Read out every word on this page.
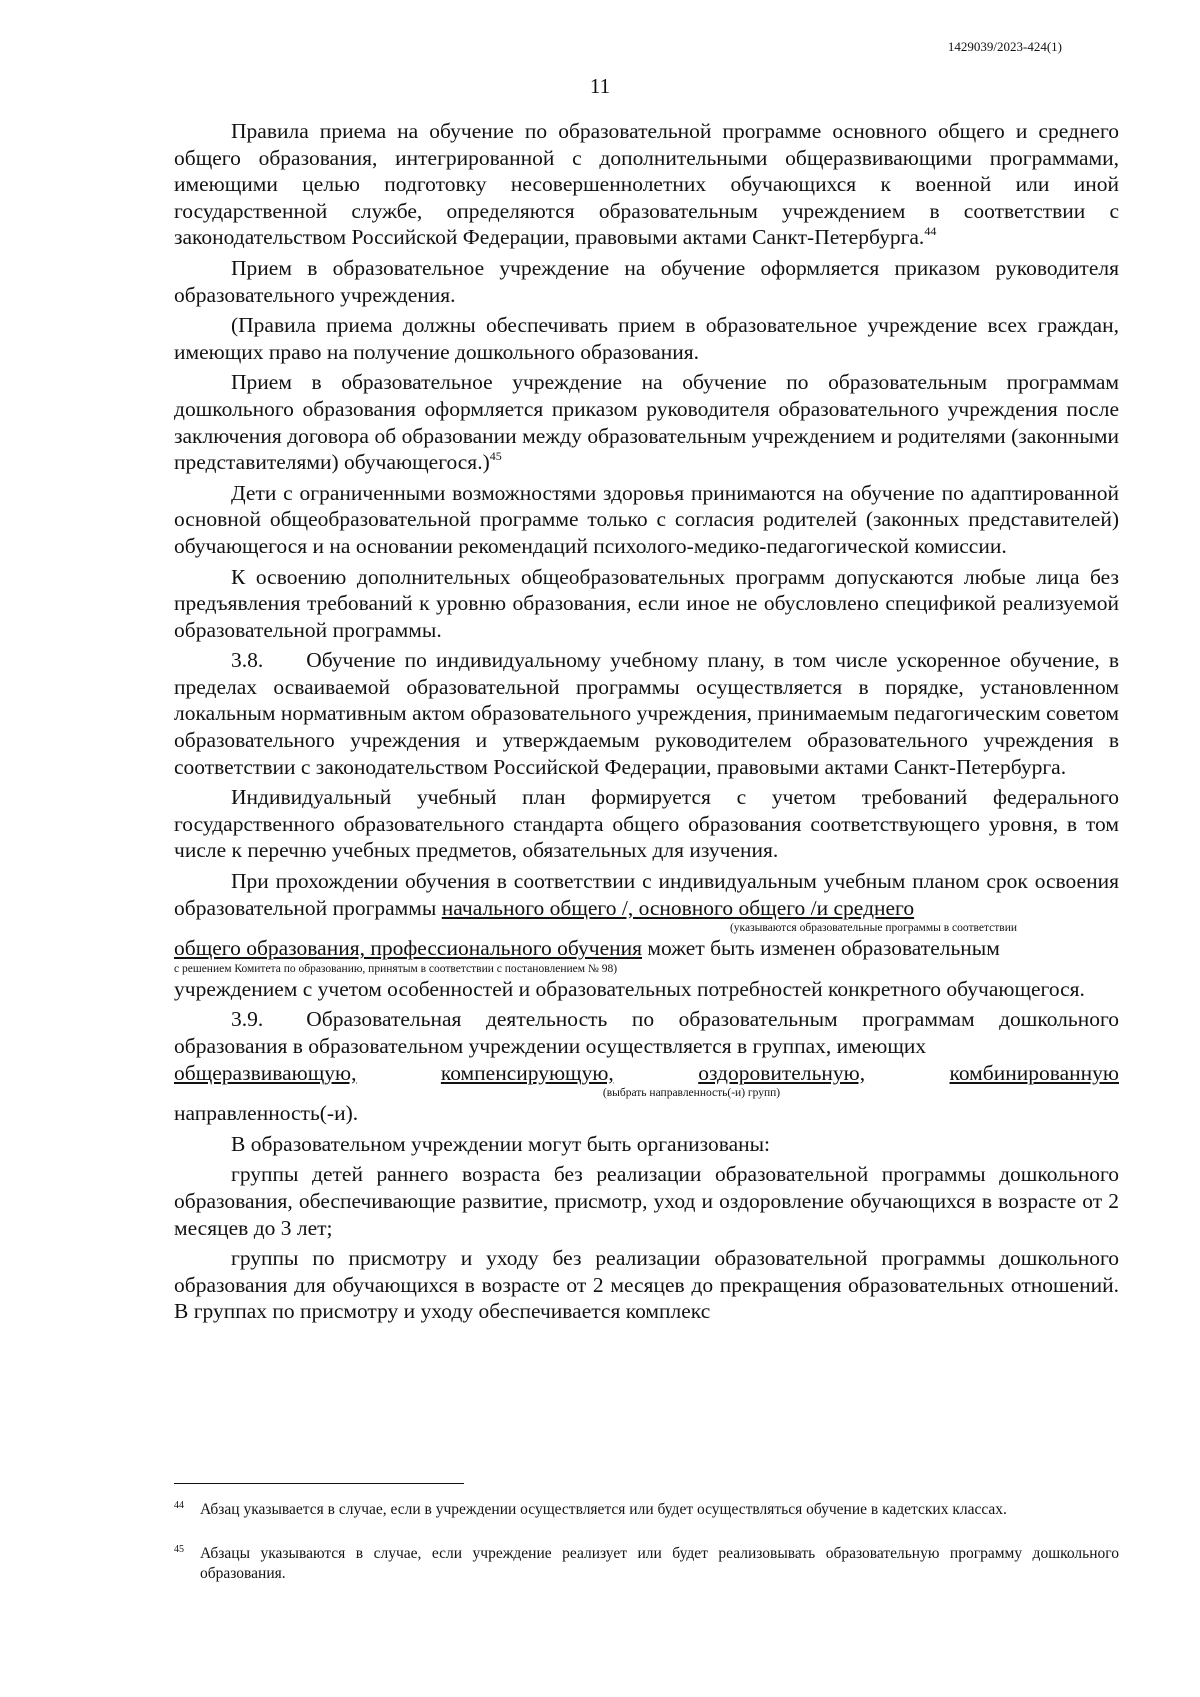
1429039/2023-424(1)
11

Правила приема на обучение по образовательной программе основного общего и среднего общего образования, интегрированной с дополнительными общеразвивающими программами, имеющими целью подготовку несовершеннолетних обучающихся к военной или иной государственной службе, определяются образовательным учреждением в соответствии с законодательством Российской Федерации, правовыми актами Санкт-Петербурга.$^{44}$

Прием в образовательное учреждение на обучение оформляется приказом руководителя образовательного учреждения.

(Правила приема должны обеспечивать прием в образовательное учреждение всех граждан, имеющих право на получение дошкольного образования.

Прием в образовательное учреждение на обучение по образовательным программам дошкольного образования оформляется приказом руководителя образовательного учреждения после заключения договора об образовании между образовательным учреждением и родителями (законными представителями) обучающегося.)$^{45}$

Дети с ограниченными возможностями здоровья принимаются на обучение по адаптированной основной общеобразовательной программе только с согласия родителей (законных представителей) обучающегося и на основании рекомендаций психолого-медико-педагогической комиссии.

К освоению дополнительных общеобразовательных программ допускаются любые лица без предъявления требований к уровню образования, если иное не обусловлено спецификой реализуемой образовательной программы.

3.8.  Обучение по индивидуальному учебному плану, в том числе ускоренное обучение, в пределах осваиваемой образовательной программы осуществляется в порядке, установленном локальным нормативным актом образовательного учреждения, принимаемым педагогическим советом образовательного учреждения и утверждаемым руководителем образовательного учреждения в соответствии с законодательством Российской Федерации, правовыми актами Санкт-Петербурга.

Индивидуальный учебный план формируется с учетом требований федерального государственного образовательного стандарта общего образования соответствующего уровня, в том числе к перечню учебных предметов, обязательных для изучения.

При прохождении обучения в соответствии с индивидуальным учебным планом срок освоения образовательной программы начального общего /, основного общего /и среднего

(указываются образовательные программы в соответствии

общего образования, профессионального обучения может быть изменен образовательным

с решением Комитета по образованию, принятым в соответствии с постановлением № 98)

учреждением с учетом особенностей и образовательных потребностей конкретного обучающегося.

3.9.  Образовательная деятельность по образовательным программам дошкольного образования в образовательном учреждении осуществляется в группах, имеющих

общеразвивающую,	компенсирующую,	оздоровительную,	комбинированную

(выбрать направленность(-и) групп)

направленность(-и).

В образовательном учреждении могут быть организованы:

группы детей раннего возраста без реализации образовательной программы дошкольного образования, обеспечивающие развитие, присмотр, уход и оздоровление обучающихся в возрасте от 2 месяцев до 3 лет;

группы по присмотру и уходу без реализации образовательной программы дошкольного образования для обучающихся в возрасте от 2 месяцев до прекращения образовательных отношений. В группах по присмотру и уходу обеспечивается комплекс

44 Абзац указывается в случае, если в учреждении осуществляется или будет осуществляться обучение в кадетских классах.
45 Абзацы указываются в случае, если учреждение реализует или будет реализовывать образовательную программу дошкольного образования.
